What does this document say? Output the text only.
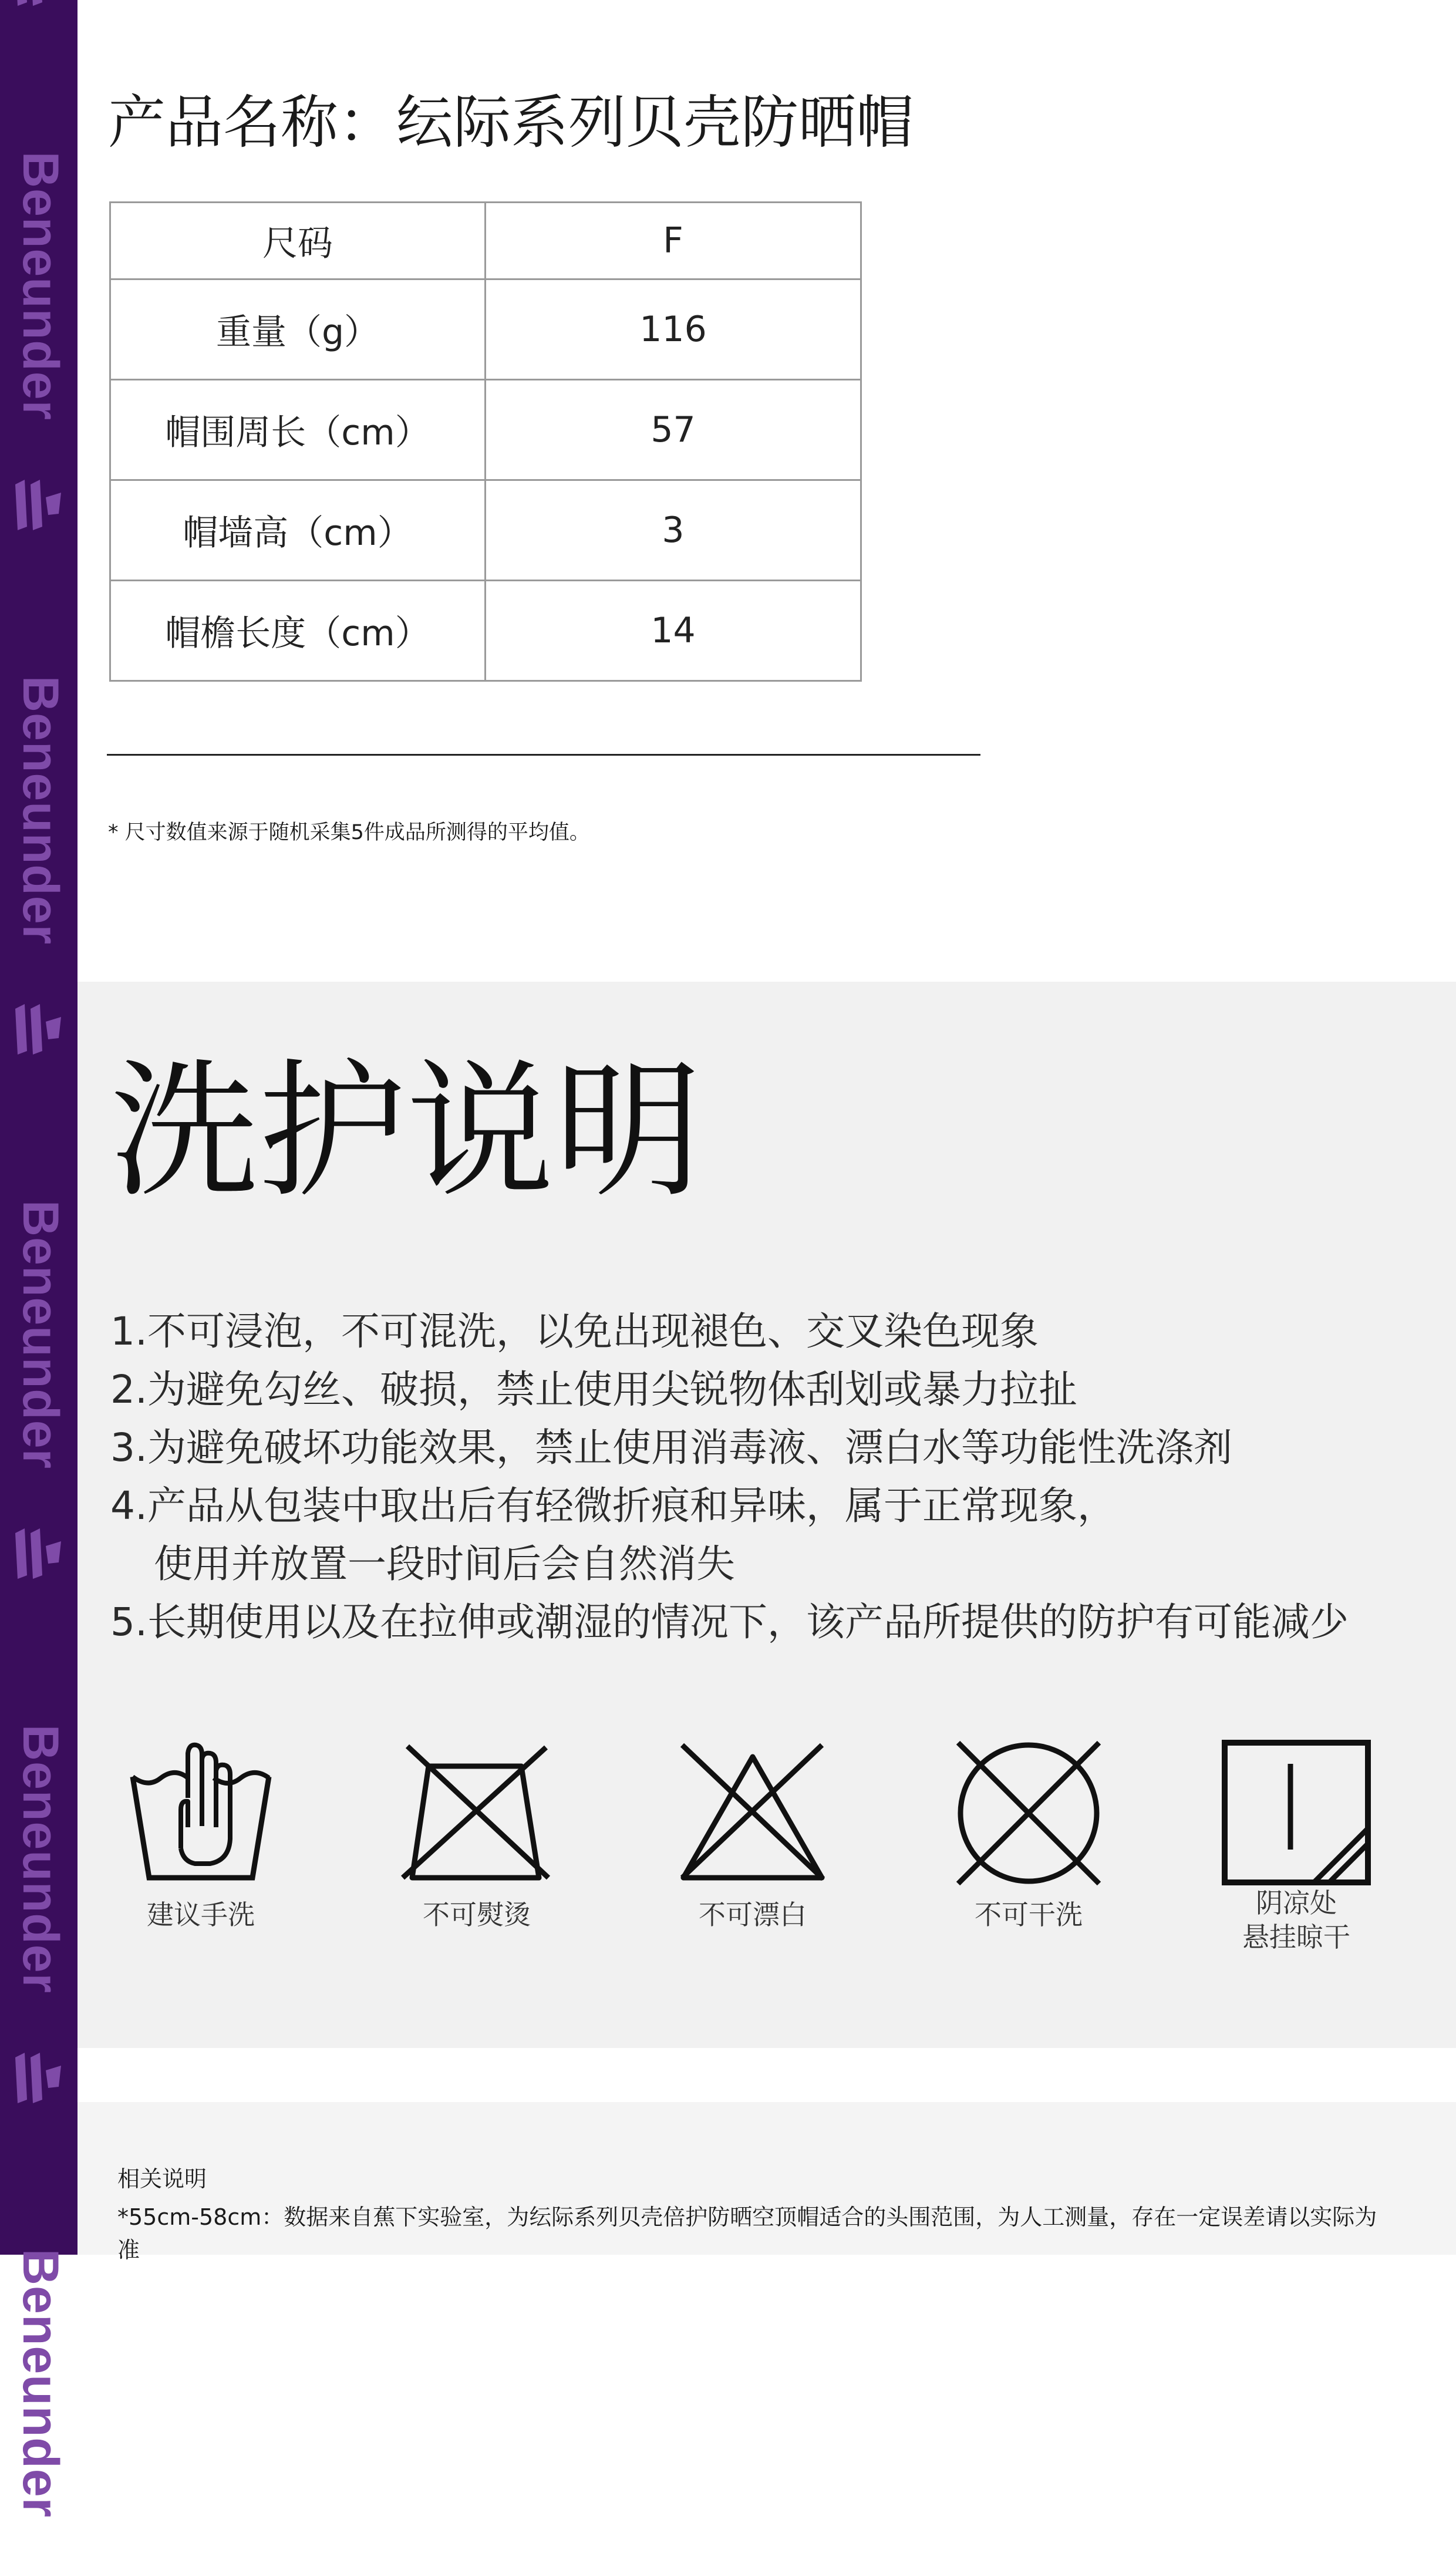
Beneunder
Beneunder
Beneunder
Beneunder
Beneunder
产品名称：纭际系列贝壳防晒帽
尺码	F
重量（g）	116
帽围周长（cm）	57
帽墙高（cm）	3
帽檐长度（cm）	14
* 尺寸数值来源于随机采集5件成品所测得的平均值。
洗护说明
1.不可浸泡，不可混洗，以免出现褪色、交叉染色现象
2.为避免勾丝、破损，禁止使用尖锐物体刮划或暴力拉扯
3.为避免破坏功能效果，禁止使用消毒液、漂白水等功能性洗涤剂
4.产品从包装中取出后有轻微折痕和异味，属于正常现象，
使用并放置一段时间后会自然消失
5.长期使用以及在拉伸或潮湿的情况下，该产品所提供的防护有可能减少
建议手洗	不可熨烫	不可漂白	不可干洗	阴凉处
悬挂晾干
相关说明
*55cm-58cm：数据来自蕉下实验室，为纭际系列贝壳倍护防晒空顶帽适合的头围范围，为人工测量，存在一定误差请以实际为准
